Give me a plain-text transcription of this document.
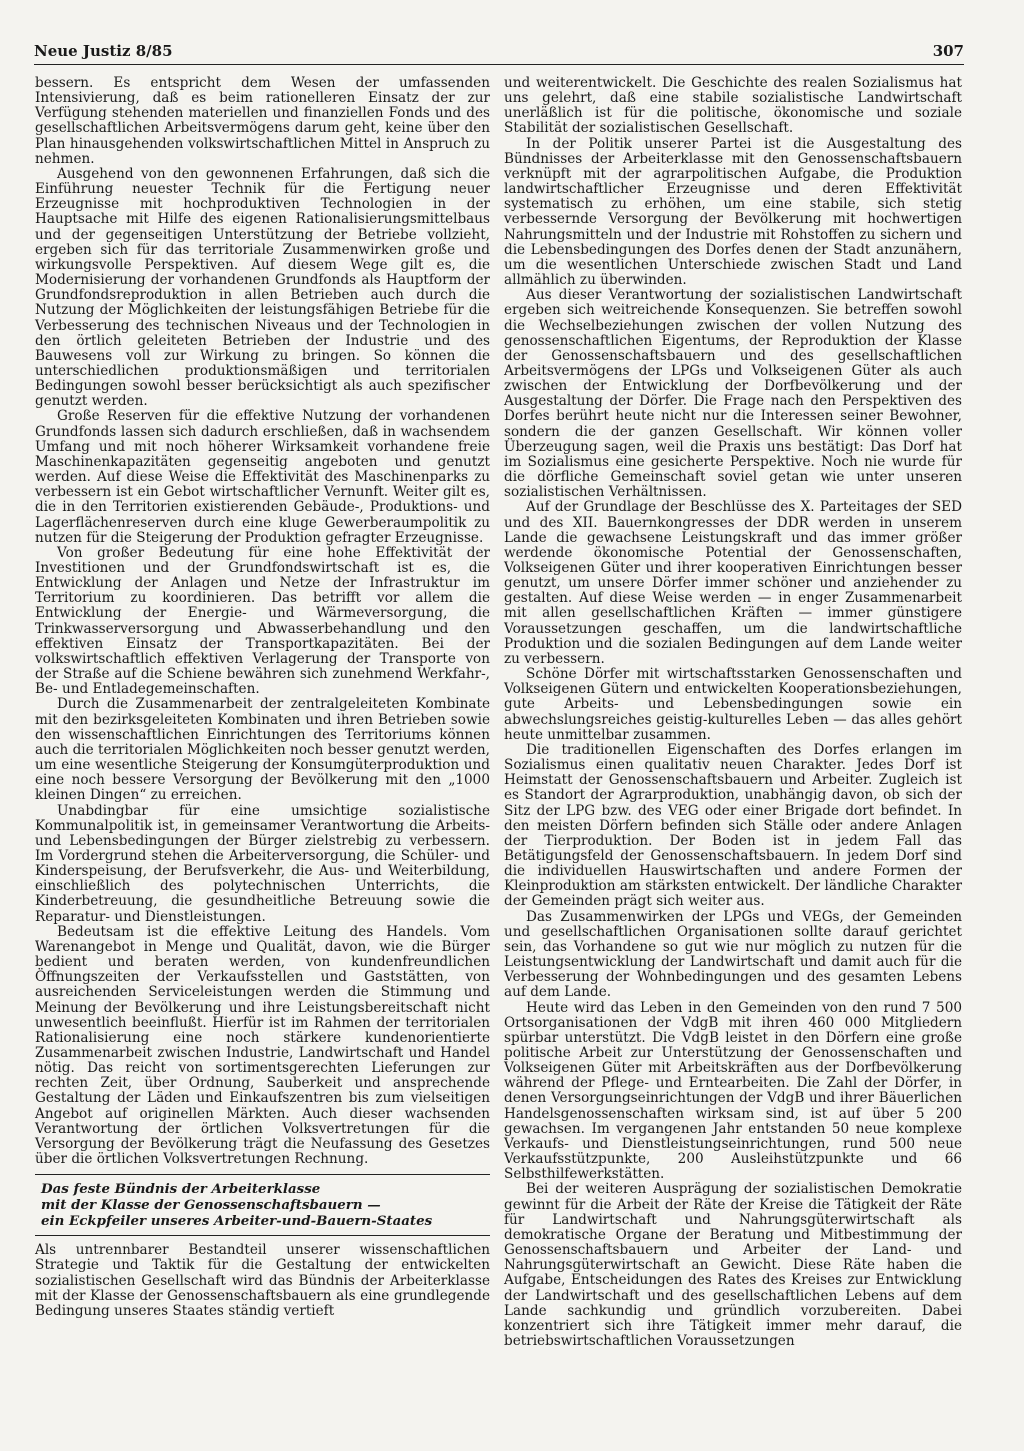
Neue Justiz 8/85	307

bessern. Es entspricht dem Wesen der umfassenden Intensivierung, daß es beim rationelleren Einsatz der zur Verfügung stehenden materiellen und finanziellen Fonds und des gesellschaftlichen Arbeitsvermögens darum geht, keine über den Plan hinausgehenden volkswirtschaftlichen Mittel in Anspruch zu nehmen.

Ausgehend von den gewonnenen Erfahrungen, daß sich die Einführung neuester Technik für die Fertigung neuer Erzeugnisse mit hochproduktiven Technologien in der Hauptsache mit Hilfe des eigenen Rationalisierungsmittelbaus und der gegenseitigen Unterstützung der Betriebe vollzieht, ergeben sich für das territoriale Zusammenwirken große und wirkungsvolle Perspektiven. Auf diesem Wege gilt es, die Modernisierung der vorhandenen Grundfonds als Hauptform der Grundfondsreproduktion in allen Betrieben auch durch die Nutzung der Möglichkeiten der leistungsfähigen Betriebe für die Verbesserung des technischen Niveaus und der Technologien in den örtlich geleiteten Betrieben der Industrie und des Bauwesens voll zur Wirkung zu bringen. So können die unterschiedlichen produktionsmäßigen und territorialen Bedingungen sowohl besser berücksichtigt als auch spezifischer genutzt werden.

Große Reserven für die effektive Nutzung der vorhandenen Grundfonds lassen sich dadurch erschließen, daß in wachsendem Umfang und mit noch höherer Wirksamkeit vorhandene freie Maschinenkapazitäten gegenseitig angeboten und genutzt werden. Auf diese Weise die Effektivität des Maschinenparks zu verbessern ist ein Gebot wirtschaftlicher Vernunft. Weiter gilt es, die in den Territorien existierenden Gebäude-, Produktions- und Lagerflächenreserven durch eine kluge Gewerberaumpolitik zu nutzen für die Steigerung der Produktion gefragter Erzeugnisse.

Von großer Bedeutung für eine hohe Effektivität der Investitionen und der Grundfondswirtschaft ist es, die Entwicklung der Anlagen und Netze der Infrastruktur im Territorium zu koordinieren. Das betrifft vor allem die Entwicklung der Energie- und Wärmeversorgung, die Trinkwasserversorgung und Abwasserbehandlung und den effektiven Einsatz der Transportkapazitäten. Bei der volkswirtschaftlich effektiven Verlagerung der Transporte von der Straße auf die Schiene bewähren sich zunehmend Werkfahr-, Be- und Entladegemeinschaften.

Durch die Zusammenarbeit der zentralgeleiteten Kombinate mit den bezirksgeleiteten Kombinaten und ihren Betrieben sowie den wissenschaftlichen Einrichtungen des Territoriums können auch die territorialen Möglichkeiten noch besser genutzt werden, um eine wesentliche Steigerung der Konsumgüterproduktion und eine noch bessere Versorgung der Bevölkerung mit den „1000 kleinen Dingen“ zu erreichen.

Unabdingbar für eine umsichtige sozialistische Kommunalpolitik ist, in gemeinsamer Verantwortung die Arbeits- und Lebensbedingungen der Bürger zielstrebig zu verbessern. Im Vordergrund stehen die Arbeiterversorgung, die Schüler- und Kinderspeisung, der Berufsverkehr, die Aus- und Weiterbildung, einschließlich des polytechnischen Unterrichts, die Kinderbetreuung, die gesundheitliche Betreuung sowie die Reparatur- und Dienstleistungen.

Bedeutsam ist die effektive Leitung des Handels. Vom Warenangebot in Menge und Qualität, davon, wie die Bürger bedient und beraten werden, von kundenfreundlichen Öffnungszeiten der Verkaufsstellen und Gaststätten, von ausreichenden Serviceleistungen werden die Stimmung und Meinung der Bevölkerung und ihre Leistungsbereitschaft nicht unwesentlich beeinflußt. Hierfür ist im Rahmen der territorialen Rationalisierung eine noch stärkere kundenorientierte Zusammenarbeit zwischen Industrie, Landwirtschaft und Handel nötig. Das reicht von sortimentsgerechten Lieferungen zur rechten Zeit, über Ordnung, Sauberkeit und ansprechende Gestaltung der Läden und Einkaufszentren bis zum vielseitigen Angebot auf originellen Märkten. Auch dieser wachsenden Verantwortung der örtlichen Volksvertretungen für die Versorgung der Bevölkerung trägt die Neufassung des Gesetzes über die örtlichen Volksvertretungen Rechnung.

Das feste Bündnis der Arbeiterklasse
mit der Klasse der Genossenschaftsbauern —
ein Eckpfeiler unseres Arbeiter-und-Bauern-Staates

Als untrennbarer Bestandteil unserer wissenschaftlichen Strategie und Taktik für die Gestaltung der entwickelten sozialistischen Gesellschaft wird das Bündnis der Arbeiterklasse mit der Klasse der Genossenschaftsbauern als eine grundlegende Bedingung unseres Staates ständig vertieft

und weiterentwickelt. Die Geschichte des realen Sozialismus hat uns gelehrt, daß eine stabile sozialistische Landwirtschaft unerläßlich ist für die politische, ökonomische und soziale Stabilität der sozialistischen Gesellschaft.

In der Politik unserer Partei ist die Ausgestaltung des Bündnisses der Arbeiterklasse mit den Genossenschaftsbauern verknüpft mit der agrarpolitischen Aufgabe, die Produktion landwirtschaftlicher Erzeugnisse und deren Effektivität systematisch zu erhöhen, um eine stabile, sich stetig verbessernde Versorgung der Bevölkerung mit hochwertigen Nahrungsmitteln und der Industrie mit Rohstoffen zu sichern und die Lebensbedingungen des Dorfes denen der Stadt anzunähern, um die wesentlichen Unterschiede zwischen Stadt und Land allmählich zu überwinden.

Aus dieser Verantwortung der sozialistischen Landwirtschaft ergeben sich weitreichende Konsequenzen. Sie betreffen sowohl die Wechselbeziehungen zwischen der vollen Nutzung des genossenschaftlichen Eigentums, der Reproduktion der Klasse der Genossenschaftsbauern und des gesellschaftlichen Arbeitsvermögens der LPGs und Volkseigenen Güter als auch zwischen der Entwicklung der Dorfbevölkerung und der Ausgestaltung der Dörfer. Die Frage nach den Perspektiven des Dorfes berührt heute nicht nur die Interessen seiner Bewohner, sondern die der ganzen Gesellschaft. Wir können voller Überzeugung sagen, weil die Praxis uns bestätigt: Das Dorf hat im Sozialismus eine gesicherte Perspektive. Noch nie wurde für die dörfliche Gemeinschaft soviel getan wie unter unseren sozialistischen Verhältnissen.

Auf der Grundlage der Beschlüsse des X. Parteitages der SED und des XII. Bauernkongresses der DDR werden in unserem Lande die gewachsene Leistungskraft und das immer größer werdende ökonomische Potential der Genossenschaften, Volkseigenen Güter und ihrer kooperativen Einrichtungen besser genutzt, um unsere Dörfer immer schöner und anziehender zu gestalten. Auf diese Weise werden — in enger Zusammenarbeit mit allen gesellschaftlichen Kräften — immer günstigere Voraussetzungen geschaffen, um die landwirtschaftliche Produktion und die sozialen Bedingungen auf dem Lande weiter zu verbessern.

Schöne Dörfer mit wirtschaftsstarken Genossenschaften und Volkseigenen Gütern und entwickelten Kooperationsbeziehungen, gute Arbeits- und Lebensbedingungen sowie ein abwechslungsreiches geistig-kulturelles Leben — das alles gehört heute unmittelbar zusammen.

Die traditionellen Eigenschaften des Dorfes erlangen im Sozialismus einen qualitativ neuen Charakter. Jedes Dorf ist Heimstatt der Genossenschaftsbauern und Arbeiter. Zugleich ist es Standort der Agrarproduktion, unabhängig davon, ob sich der Sitz der LPG bzw. des VEG oder einer Brigade dort befindet. In den meisten Dörfern befinden sich Ställe oder andere Anlagen der Tierproduktion. Der Boden ist in jedem Fall das Betätigungsfeld der Genossenschaftsbauern. In jedem Dorf sind die individuellen Hauswirtschaften und andere Formen der Kleinproduktion am stärksten entwickelt. Der ländliche Charakter der Gemeinden prägt sich weiter aus.

Das Zusammenwirken der LPGs und VEGs, der Gemeinden und gesellschaftlichen Organisationen sollte darauf gerichtet sein, das Vorhandene so gut wie nur möglich zu nutzen für die Leistungsentwicklung der Landwirtschaft und damit auch für die Verbesserung der Wohnbedingungen und des gesamten Lebens auf dem Lande.

Heute wird das Leben in den Gemeinden von den rund 7 500 Ortsorganisationen der VdgB mit ihren 460 000 Mitgliedern spürbar unterstützt. Die VdgB leistet in den Dörfern eine große politische Arbeit zur Unterstützung der Genossenschaften und Volkseigenen Güter mit Arbeitskräften aus der Dorfbevölkerung während der Pflege- und Erntearbeiten. Die Zahl der Dörfer, in denen Versorgungseinrichtungen der VdgB und ihrer Bäuerlichen Handelsgenossenschaften wirksam sind, ist auf über 5 200 gewachsen. Im vergangenen Jahr entstanden 50 neue komplexe Verkaufs- und Dienstleistungseinrichtungen, rund 500 neue Verkaufsstützpunkte, 200 Ausleihstützpunkte und 66 Selbsthilfewerkstätten.

Bei der weiteren Ausprägung der sozialistischen Demokratie gewinnt für die Arbeit der Räte der Kreise die Tätigkeit der Räte für Landwirtschaft und Nahrungsgüterwirtschaft als demokratische Organe der Beratung und Mitbestimmung der Genossenschaftsbauern und Arbeiter der Land- und Nahrungsgüterwirtschaft an Gewicht. Diese Räte haben die Aufgabe, Entscheidungen des Rates des Kreises zur Entwicklung der Landwirtschaft und des gesellschaftlichen Lebens auf dem Lande sachkundig und gründlich vorzubereiten. Dabei konzentriert sich ihre Tätigkeit immer mehr darauf, die betriebswirtschaftlichen Voraussetzungen
